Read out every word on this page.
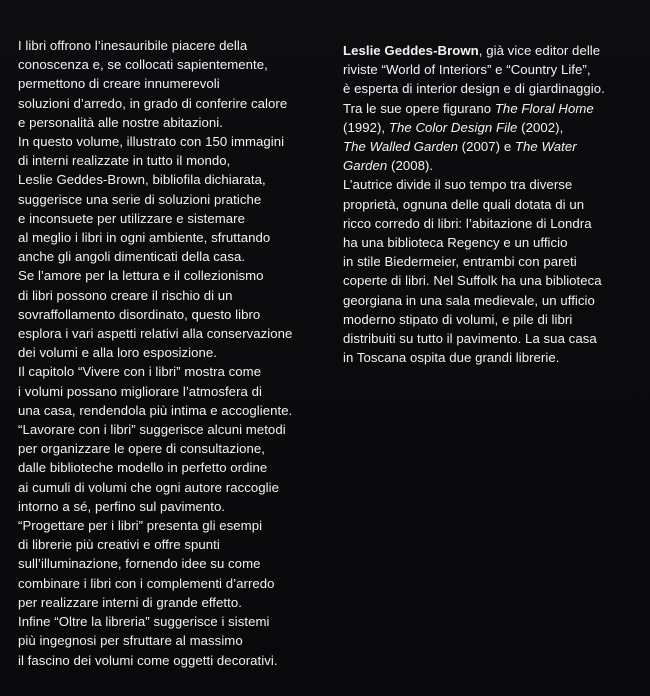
I libri offrono l’inesauribile piacere della
conoscenza e, se collocati sapientemente,
permettono di creare innumerevoli
soluzioni d’arredo, in grado di conferire calore
e personalità alle nostre abitazioni.
In questo volume, illustrato con 150 immagini
di interni realizzate in tutto il mondo,
Leslie Geddes-Brown, bibliofila dichiarata,
suggerisce una serie di soluzioni pratiche
e inconsuete per utilizzare e sistemare
al meglio i libri in ogni ambiente, sfruttando
anche gli angoli dimenticati della casa.
Se l’amore per la lettura e il collezionismo
di libri possono creare il rischio di un
sovraffollamento disordinato, questo libro
esplora i vari aspetti relativi alla conservazione
dei volumi e alla loro esposizione.
Il capitolo “Vivere con i libri” mostra come
i volumi possano migliorare l’atmosfera di
una casa, rendendola più intima e accogliente.
“Lavorare con i libri” suggerisce alcuni metodi
per organizzare le opere di consultazione,
dalle biblioteche modello in perfetto ordine
ai cumuli di volumi che ogni autore raccoglie
intorno a sé, perfino sul pavimento.
“Progettare per i libri” presenta gli esempi
di librerie più creativi e offre spunti
sull’illuminazione, fornendo idee su come
combinare i libri con i complementi d’arredo
per realizzare interni di grande effetto.
Infine “Oltre la libreria” suggerisce i sistemi
più ingegnosi per sfruttare al massimo
il fascino dei volumi come oggetti decorativi.
Leslie Geddes-Brown, già vice editor delle
riviste “World of Interiors” e “Country Life”,
è esperta di interior design e di giardinaggio.
Tra le sue opere figurano The Floral Home
(1992), The Color Design File (2002),
The Walled Garden (2007) e The Water
Garden (2008).
L’autrice divide il suo tempo tra diverse
proprietà, ognuna delle quali dotata di un
ricco corredo di libri: l’abitazione di Londra
ha una biblioteca Regency e un ufficio
in stile Biedermeier, entrambi con pareti
coperte di libri. Nel Suffolk ha una biblioteca
georgiana in una sala medievale, un ufficio
moderno stipato di volumi, e pile di libri
distribuiti su tutto il pavimento. La sua casa
in Toscana ospita due grandi librerie.
